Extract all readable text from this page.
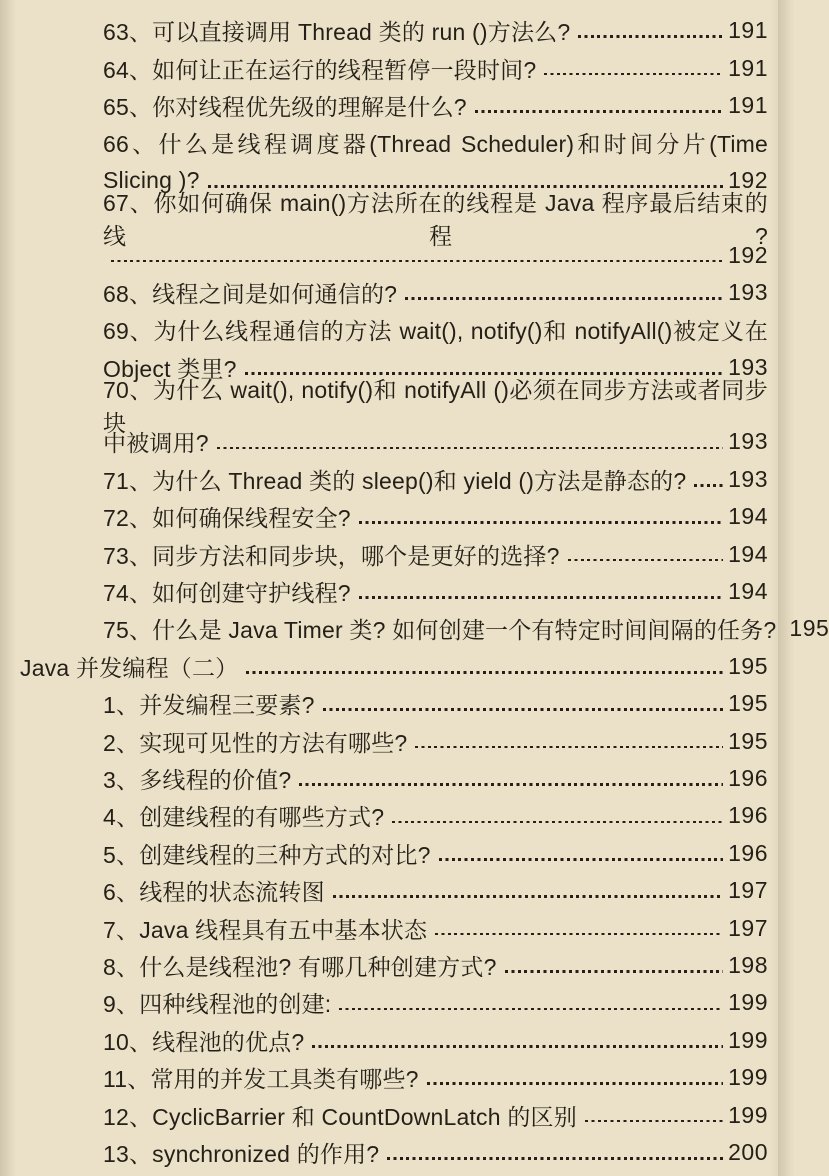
63、可以直接调用 Thread 类的 run ()方法么?	191
64、如何让正在运行的线程暂停一段时间?	191
65、你对线程优先级的理解是什么?	191
66、什么是线程调度器(Thread Scheduler)和时间分片(Time
Slicing )?	192
67、你如何确保 main()方法所在的线程是 Java 程序最后结束的线程?
192
68、线程之间是如何通信的?	193
69、为什么线程通信的方法 wait(), notify()和 notifyAll()被定义在
Object 类里?	193
70、为什么 wait(), notify()和 notifyAll ()必须在同步方法或者同步块
中被调用?	193
71、为什么 Thread 类的 sleep()和 yield ()方法是静态的? 193
72、如何确保线程安全?	194
73、同步方法和同步块，哪个是更好的选择?	194
74、如何创建守护线程?	194
75、什么是 Java Timer 类? 如何创建一个有特定时间间隔的任务? 195
Java 并发编程（二）	195
1、并发编程三要素?	195
2、实现可见性的方法有哪些?	195
3、多线程的价值?	196
4、创建线程的有哪些方式?	196
5、创建线程的三种方式的对比?	196
6、线程的状态流转图	197
7、Java 线程具有五中基本状态	197
8、什么是线程池? 有哪几种创建方式?	198
9、四种线程池的创建:	199
10、线程池的优点?	199
11、常用的并发工具类有哪些?	199
12、CyclicBarrier 和 CountDownLatch 的区别	199
13、synchronized 的作用?	200
